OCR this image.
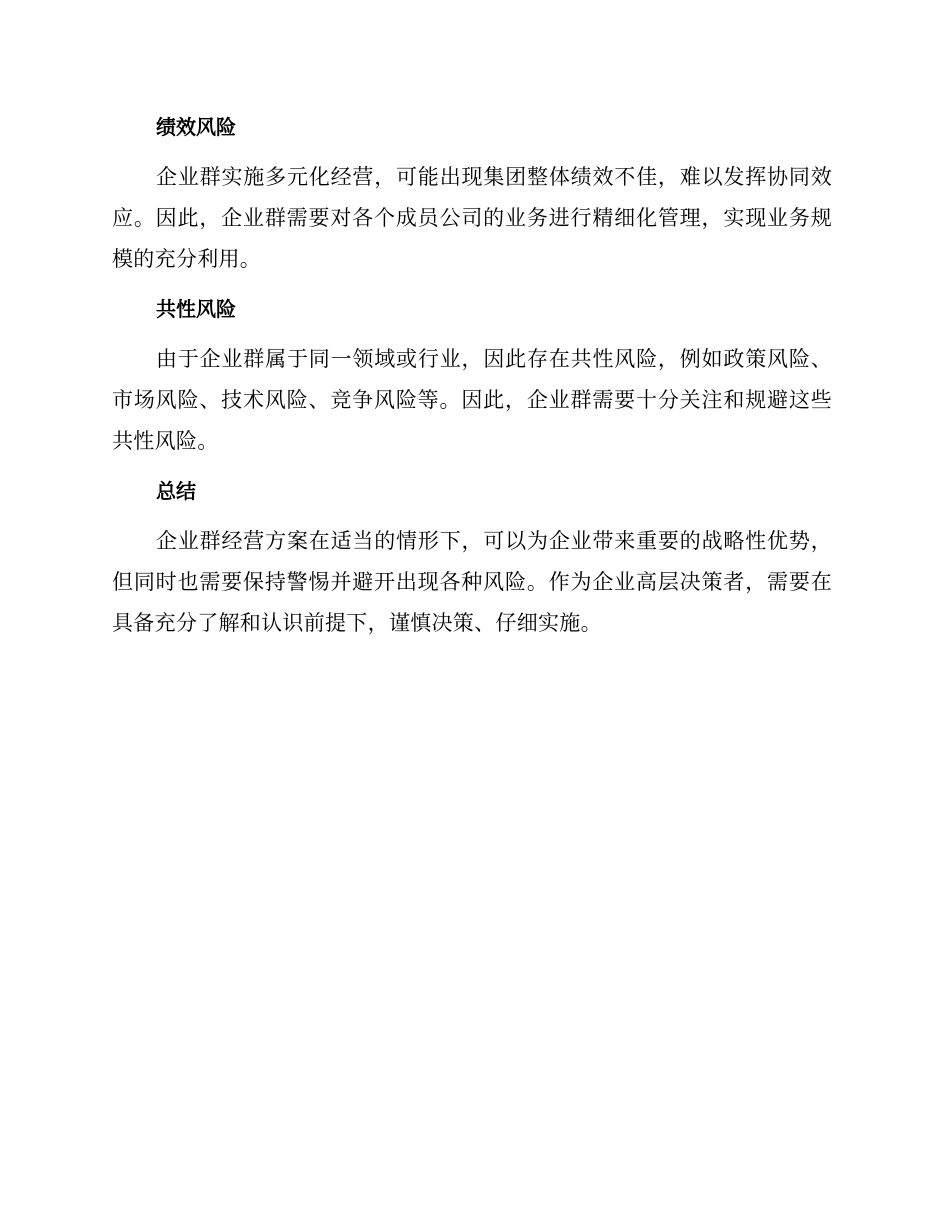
绩效风险

企业群实施多元化经营，可能出现集团整体绩效不佳，难以发挥协同效应。因此，企业群需要对各个成员公司的业务进行精细化管理，实现业务规模的充分利用。

共性风险

由于企业群属于同一领域或行业，因此存在共性风险，例如政策风险、市场风险、技术风险、竞争风险等。因此，企业群需要十分关注和规避这些共性风险。

总结

企业群经营方案在适当的情形下，可以为企业带来重要的战略性优势，但同时也需要保持警惕并避开出现各种风险。作为企业高层决策者，需要在具备充分了解和认识前提下，谨慎决策、仔细实施。
